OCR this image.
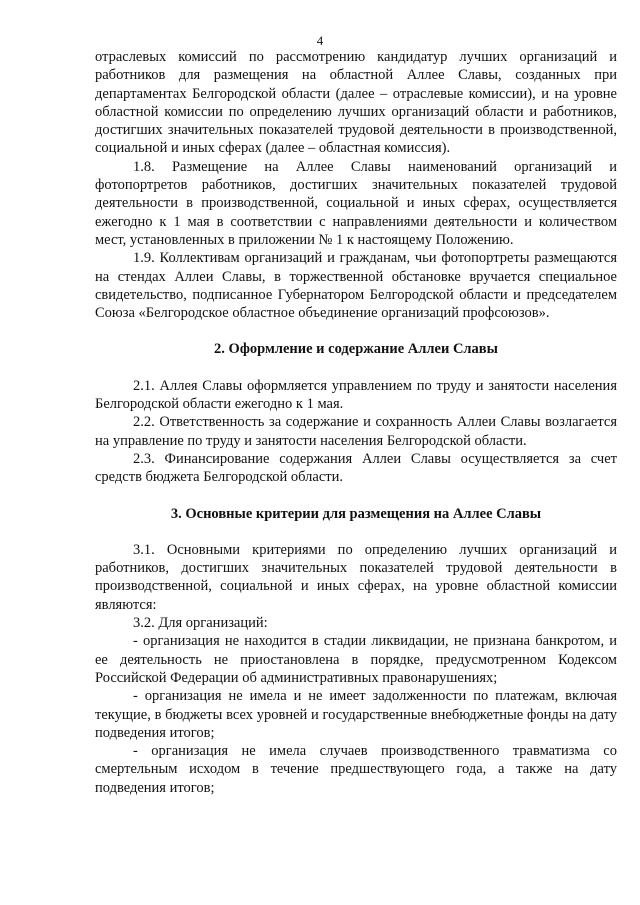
4

отраслевых комиссий по рассмотрению кандидатур лучших организаций и работников для размещения на областной Аллее Славы, созданных при департаментах Белгородской области (далее – отраслевые комиссии), и на уровне областной комиссии по определению лучших организаций области и работников, достигших значительных показателей трудовой деятельности в производственной, социальной и иных сферах (далее – областная комиссия).

1.8. Размещение на Аллее Славы наименований организаций и фотопортретов работников, достигших значительных показателей трудовой деятельности в производственной, социальной и иных сферах, осуществляется ежегодно к 1 мая в соответствии с направлениями деятельности и количеством мест, установленных в приложении № 1 к настоящему Положению.

1.9. Коллективам организаций и гражданам, чьи фотопортреты размещаются на стендах Аллеи Славы, в торжественной обстановке вручается специальное свидетельство, подписанное Губернатором Белгородской области и председателем Союза «Белгородское областное объединение организаций профсоюзов».

2. Оформление и содержание Аллеи Славы

2.1. Аллея Славы оформляется управлением по труду и занятости населения Белгородской области ежегодно к 1 мая.

2.2. Ответственность за содержание и сохранность Аллеи Славы возлагается на управление по труду и занятости населения Белгородской области.

2.3. Финансирование содержания Аллеи Славы осуществляется за счет средств бюджета Белгородской области.

3. Основные критерии для размещения на Аллее Славы

3.1. Основными критериями по определению лучших организаций и работников, достигших значительных показателей трудовой деятельности в производственной, социальной и иных сферах, на уровне областной комиссии являются:

3.2. Для организаций:

- организация не находится в стадии ликвидации, не признана банкротом, и ее деятельность не приостановлена в порядке, предусмотренном Кодексом Российской Федерации об административных правонарушениях;

- организация не имела и не имеет задолженности по платежам, включая текущие, в бюджеты всех уровней и государственные внебюджетные фонды на дату подведения итогов;

- организация не имела случаев производственного травматизма со смертельным исходом в течение предшествующего года, а также на дату подведения итогов;
